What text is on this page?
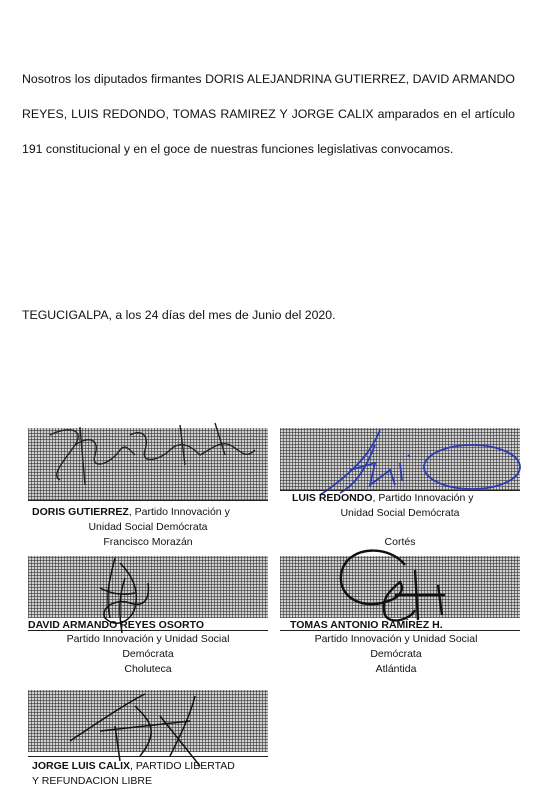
Nosotros los diputados firmantes DORIS ALEJANDRINA GUTIERREZ, DAVID ARMANDO REYES, LUIS REDONDO, TOMAS RAMIREZ Y JORGE CALIX amparados en el artículo 191 constitucional y en el goce de nuestras funciones legislativas convocamos.
TEGUCIGALPA, a los 24 días del mes de Junio del 2020.
DORIS GUTIERREZ, Partido Innovación y
Unidad Social Demócrata
Francisco Morazán
LUIS REDONDO, Partido Innovación y
Unidad Social Demócrata
Cortés
DAVID ARMANDO REYES OSORTO
Partido Innovación y Unidad Social
Demócrata
Choluteca
TOMAS ANTONIO RAMÍREZ H.
Partido Innovación y Unidad Social
Demócrata
Atlántida
JORGE LUIS CALIX, PARTIDO LIBERTAD
Y REFUNDACION LIBRE
